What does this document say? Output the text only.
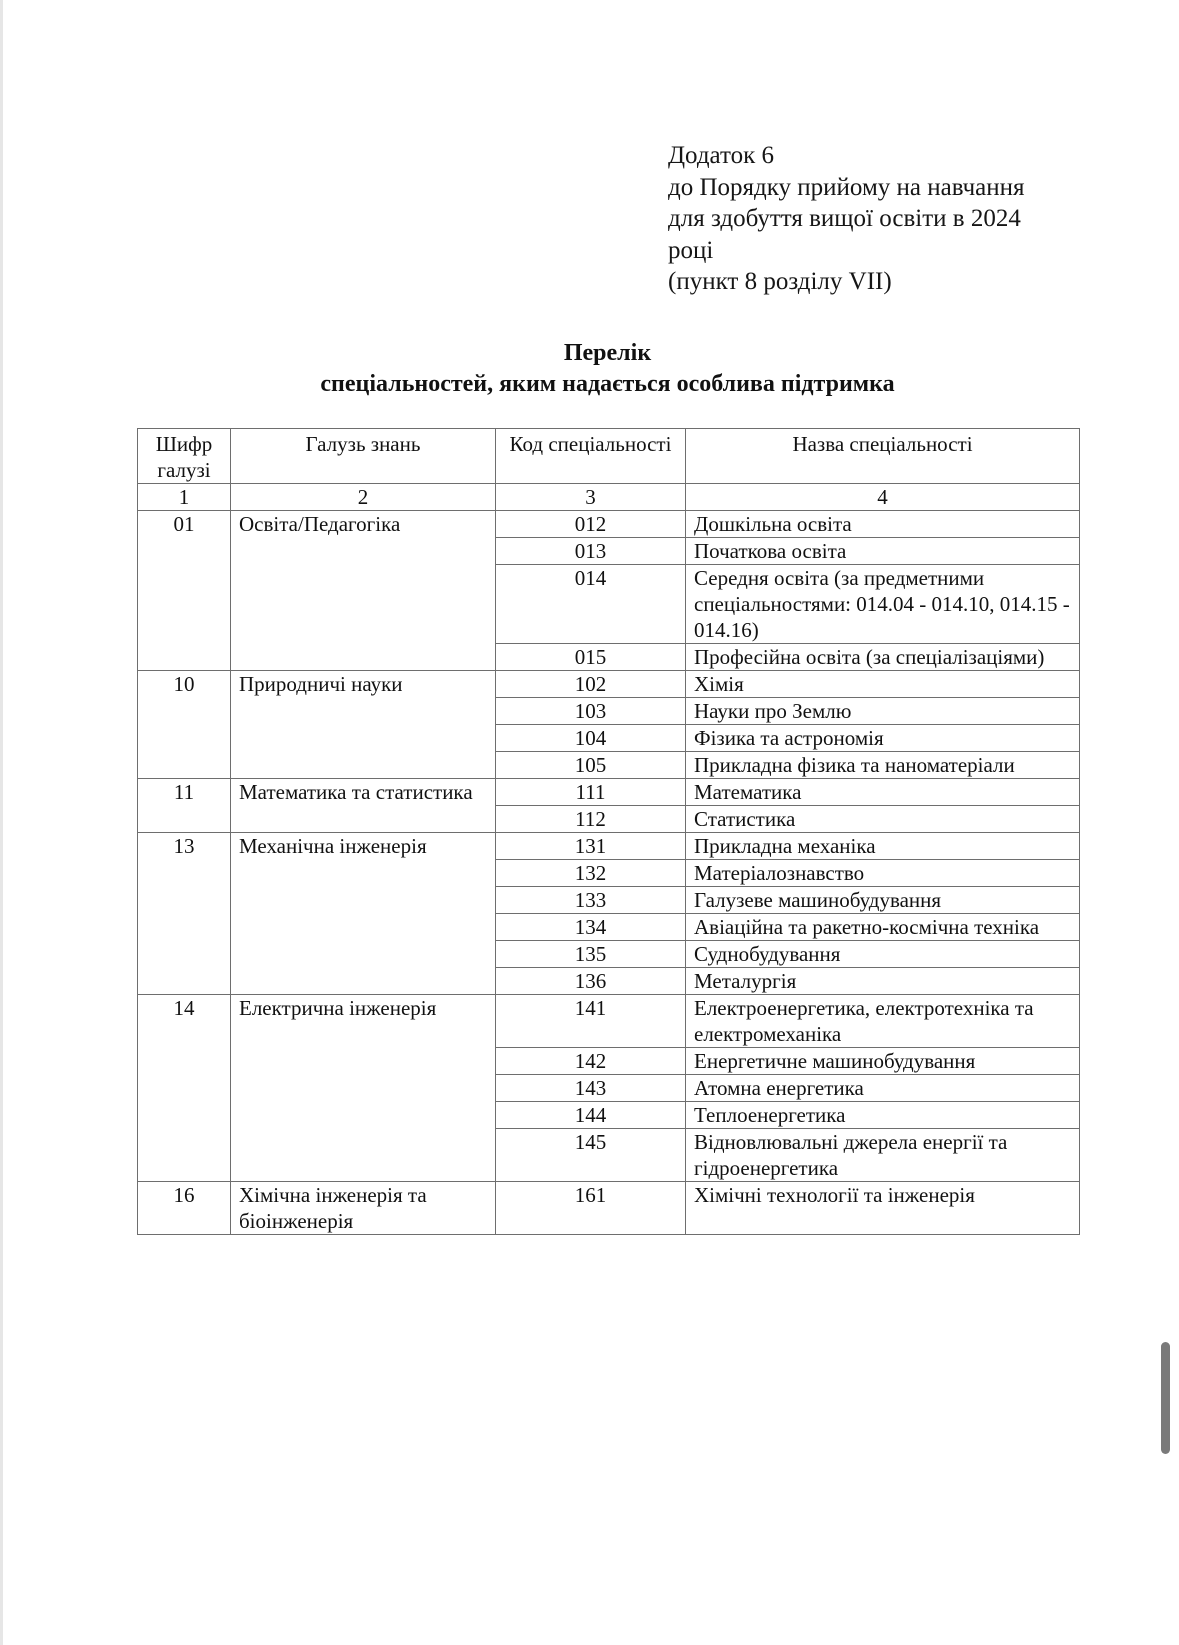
Додаток 6
до Порядку прийому на навчання
для здобуття вищої освіти в 2024
році
(пункт 8 розділу VII)
Перелік
спеціальностей, яким надається особлива підтримка
Шифр галузі	Галузь знань	Код спеціальності	Назва спеціальності
1	2	3	4
01	Освіта/Педагогіка	012	Дошкільна освіта
		013	Початкова освіта
		014	Середня освіта (за предметними спеціальностями: 014.04 - 014.10, 014.15 - 014.16)
		015	Професійна освіта (за спеціалізаціями)
10	Природничі науки	102	Хімія
		103	Науки про Землю
		104	Фізика та астрономія
		105	Прикладна фізика та наноматеріали
11	Математика та статистика	111	Математика
		112	Статистика
13	Механічна інженерія	131	Прикладна механіка
		132	Матеріалознавство
		133	Галузеве машинобудування
		134	Авіаційна та ракетно-космічна техніка
		135	Суднобудування
		136	Металургія
14	Електрична інженерія	141	Електроенергетика, електротехніка та електромеханіка
		142	Енергетичне машинобудування
		143	Атомна енергетика
		144	Теплоенергетика
		145	Відновлювальні джерела енергії та гідроенергетика
16	Хімічна інженерія та біоінженерія	161	Хімічні технології та інженерія
